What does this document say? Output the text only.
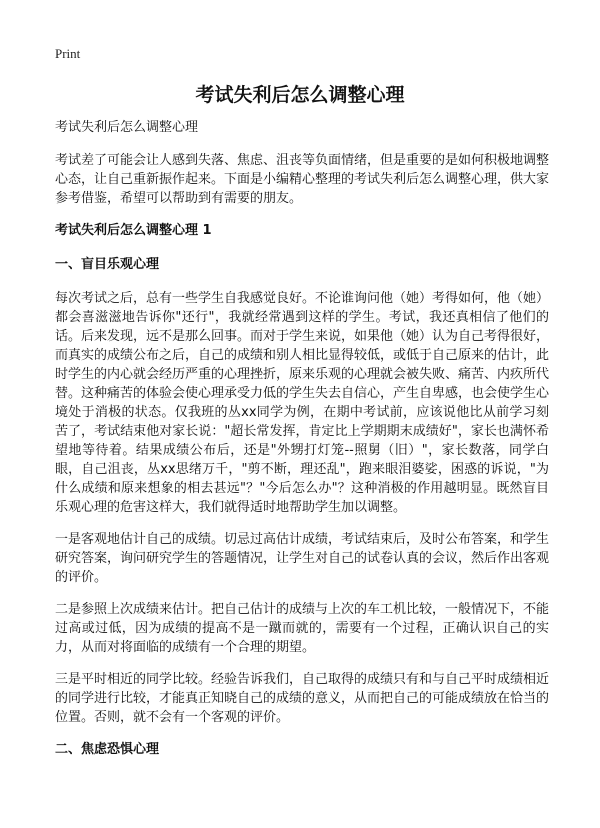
Print
考试失利后怎么调整心理

考试失利后怎么调整心理

考试差了可能会让人感到失落、焦虑、沮丧等负面情绪，但是重要的是如何积极地调整心态，让自己重新振作起来。下面是小编精心整理的考试失利后怎么调整心理，供大家参考借鉴，希望可以帮助到有需要的朋友。

考试失利后怎么调整心理 1
一、盲目乐观心理

每次考试之后，总有一些学生自我感觉良好。不论谁询问他（她）考得如何，他（她）都会喜滋滋地告诉你"还行"，我就经常遇到这样的学生。考试，我还真相信了他们的话。后来发现，远不是那么回事。而对于学生来说，如果他（她）认为自己考得很好，而真实的成绩公布之后，自己的成绩和别人相比显得较低，或低于自己原来的估计，此时学生的内心就会经历严重的心理挫折，原来乐观的心理就会被失败、痛苦、内疚所代替。这种痛苦的体验会使心理承受力低的学生失去自信心，产生自卑感，也会使学生心境处于消极的状态。仅我班的丛xx同学为例，在期中考试前，应该说他比从前学习刻苦了，考试结束他对家长说："超长常发挥，肯定比上学期期末成绩好"，家长也满怀希望地等待着。结果成绩公布后，还是"外甥打灯笼--照舅（旧）"，家长数落，同学白眼，自己沮丧，丛xx思绪万千，"剪不断，理还乱"，跑来眼泪婆娑，困惑的诉说，"为什么成绩和原来想象的相去甚远"？"今后怎么办"？这种消极的作用越明显。既然盲目乐观心理的危害这样大，我们就得适时地帮助学生加以调整。

一是客观地估计自己的成绩。切忌过高估计成绩，考试结束后，及时公布答案，和学生研究答案，询问研究学生的答题情况，让学生对自己的试卷认真的会议，然后作出客观的评价。

二是参照上次成绩来估计。把自己估计的成绩与上次的车工机比较，一般情况下，不能过高或过低，因为成绩的提高不是一蹴而就的，需要有一个过程，正确认识自己的实力，从而对将面临的成绩有一个合理的期望。

三是平时相近的同学比较。经验告诉我们，自己取得的成绩只有和与自己平时成绩相近的同学进行比较，才能真正知晓自己的成绩的意义，从而把自己的可能成绩放在恰当的位置。否则，就不会有一个客观的评价。

二、焦虑恐惧心理
